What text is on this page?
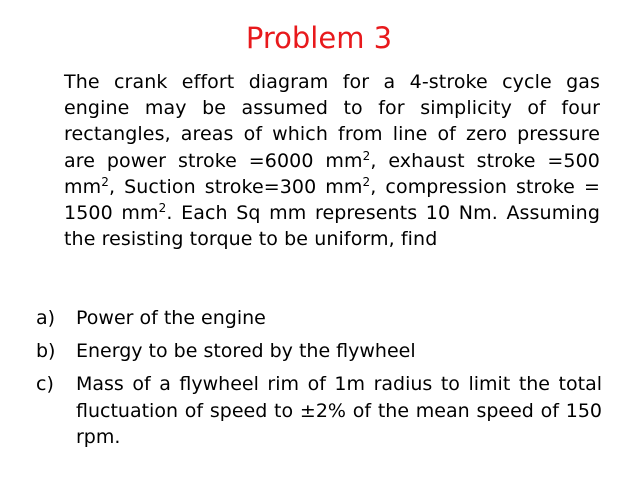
Problem 3
The crank effort diagram for a 4-stroke cycle gas engine may be assumed to for simplicity of four rectangles, areas of which from line of zero pressure are power stroke =6000 $mm^2$, exhaust stroke =500 $mm^2$, Suction stroke=300 $mm^2$, compression stroke = 1500 $mm^2$. Each Sq mm represents 10 Nm. Assuming the resisting torque to be uniform, find
a)	Power of the engine
b)	Energy to be stored by the flywheel
c)	Mass of a flywheel rim of 1m radius to limit the total fluctuation of speed to ±2% of the mean speed of 150 rpm.
